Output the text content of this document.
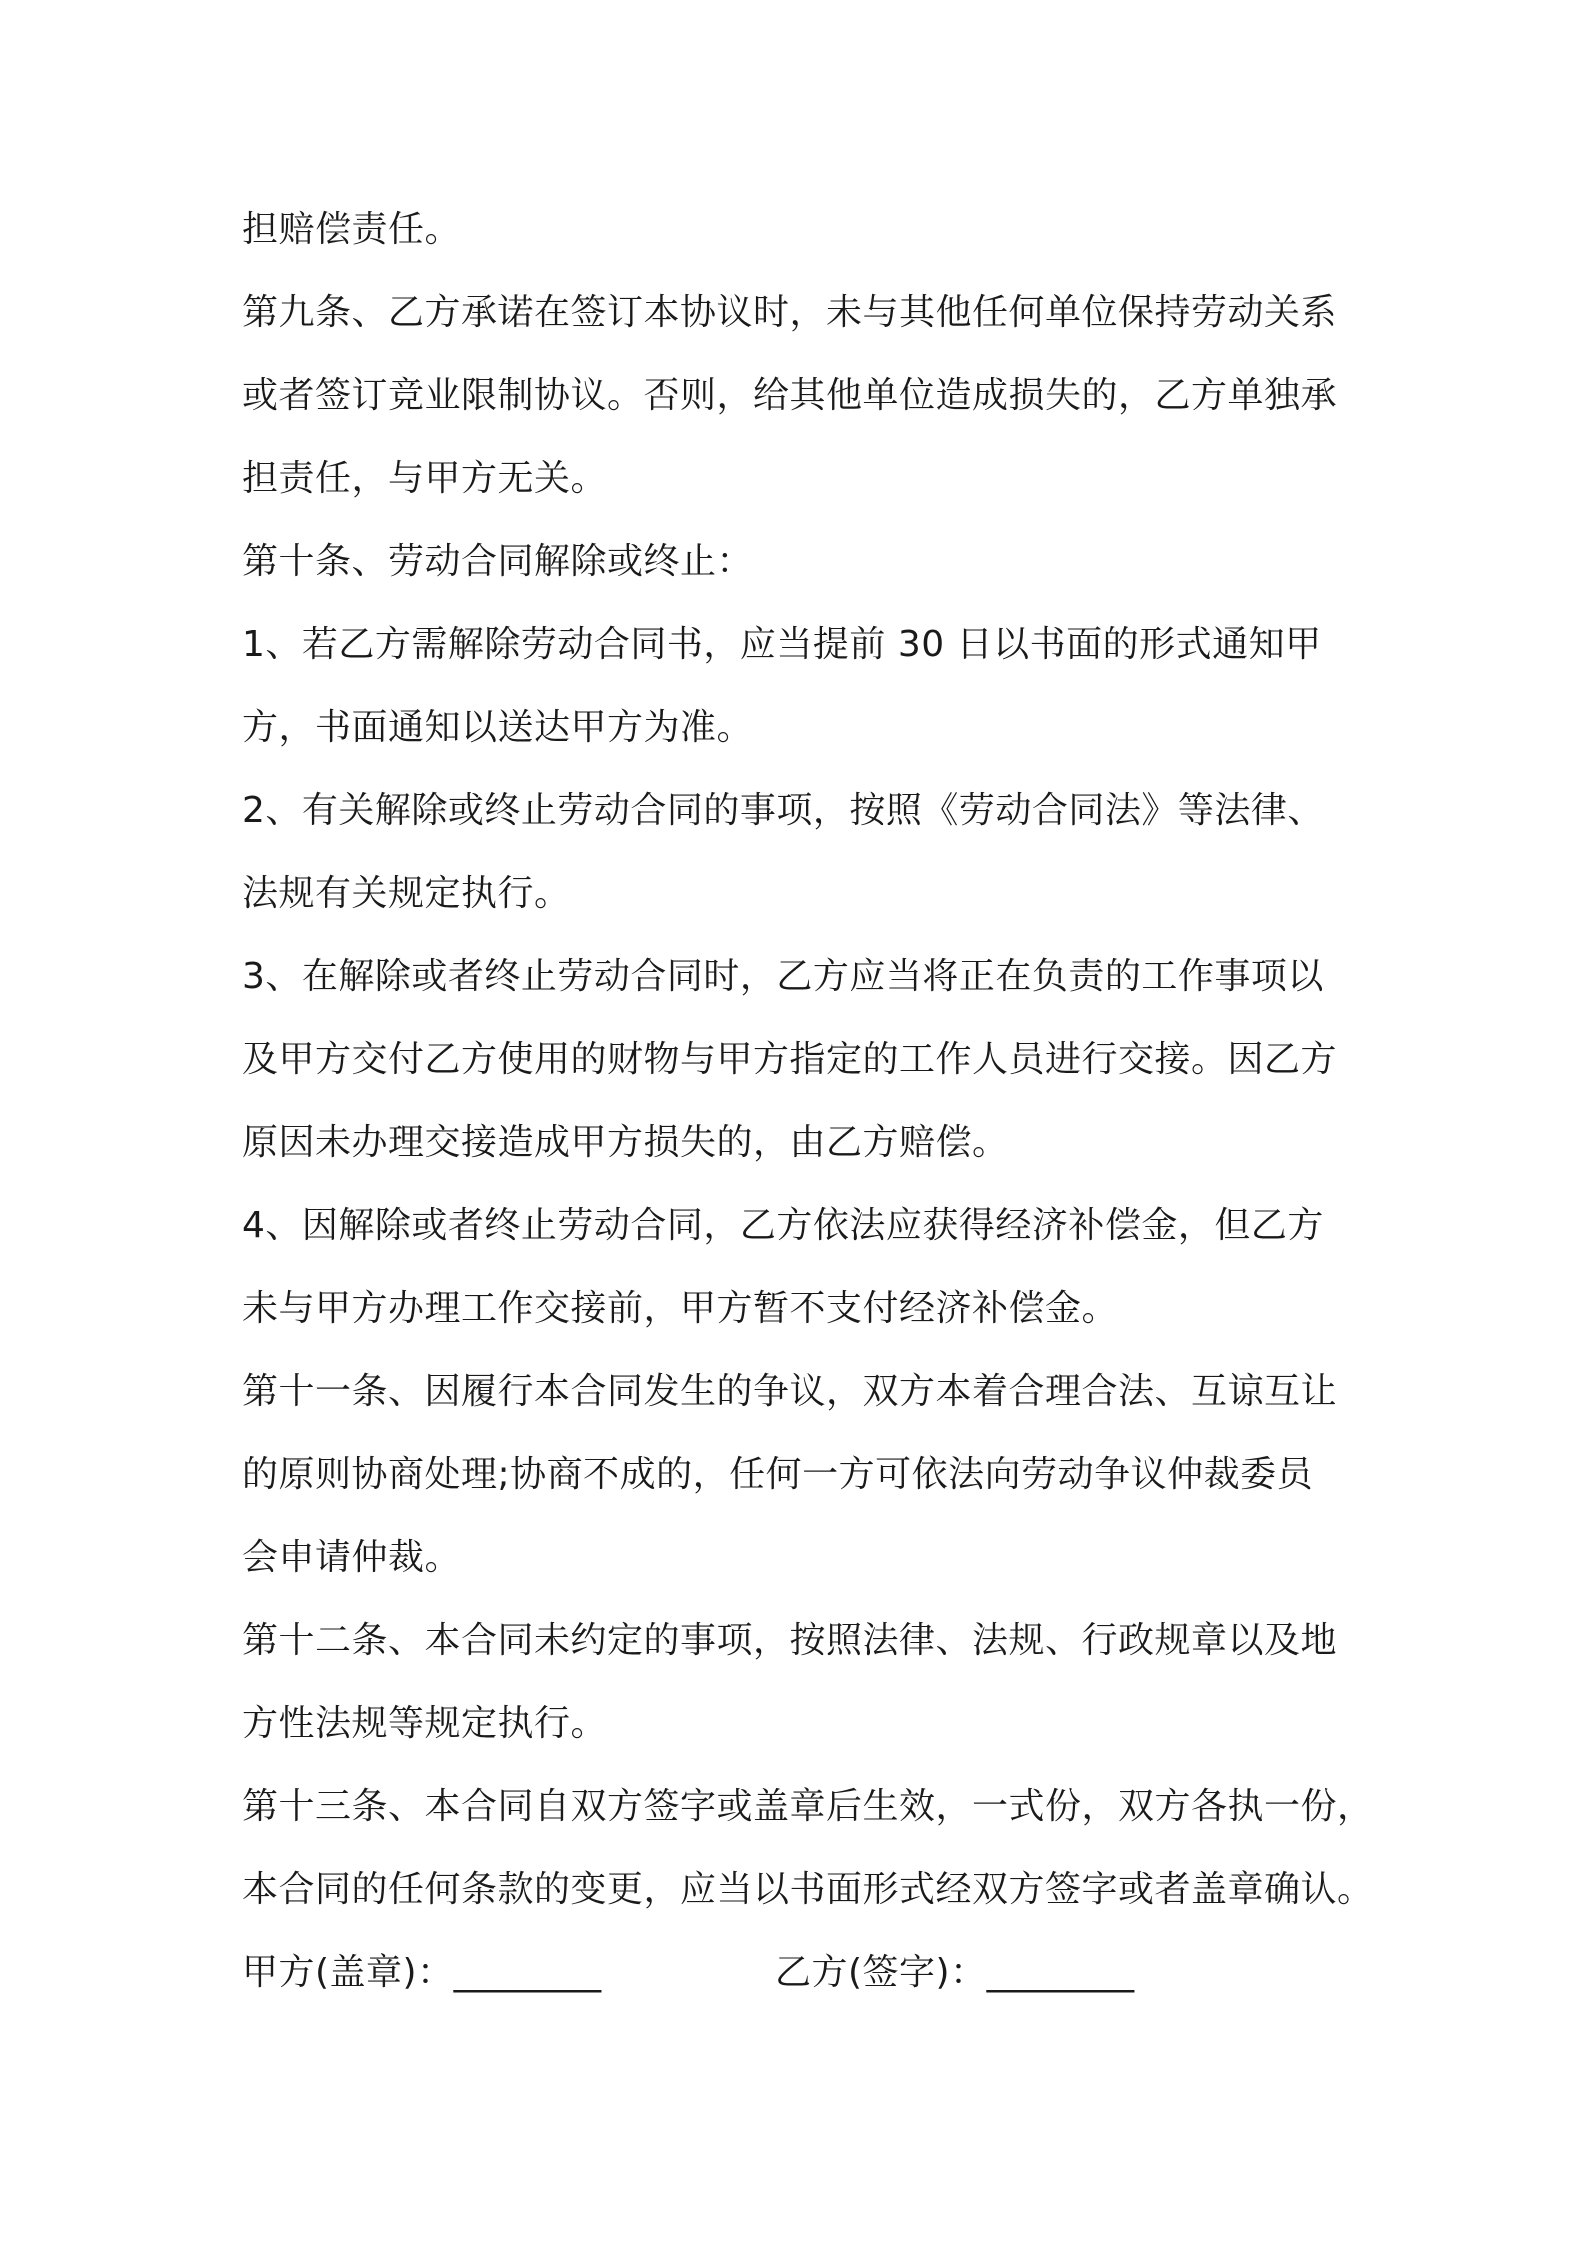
担赔偿责任。
第九条、乙方承诺在签订本协议时，未与其他任何单位保持劳动关系
或者签订竞业限制协议。否则，给其他单位造成损失的，乙方单独承
担责任，与甲方无关。
第十条、劳动合同解除或终止：
1、若乙方需解除劳动合同书，应当提前 30 日以书面的形式通知甲
方，书面通知以送达甲方为准。
2、有关解除或终止劳动合同的事项，按照《劳动合同法》等法律、
法规有关规定执行。
3、在解除或者终止劳动合同时，乙方应当将正在负责的工作事项以
及甲方交付乙方使用的财物与甲方指定的工作人员进行交接。因乙方
原因未办理交接造成甲方损失的，由乙方赔偿。
4、因解除或者终止劳动合同，乙方依法应获得经济补偿金，但乙方
未与甲方办理工作交接前，甲方暂不支付经济补偿金。
第十一条、因履行本合同发生的争议，双方本着合理合法、互谅互让
的原则协商处理;协商不成的，任何一方可依法向劳动争议仲裁委员
会申请仲裁。
第十二条、本合同未约定的事项，按照法律、法规、行政规章以及地
方性法规等规定执行。
第十三条、本合同自双方签字或盖章后生效，一式份，双方各执一份，
本合同的任何条款的变更，应当以书面形式经双方签字或者盖章确认。
甲方(盖章)：________	乙方(签字)：________
